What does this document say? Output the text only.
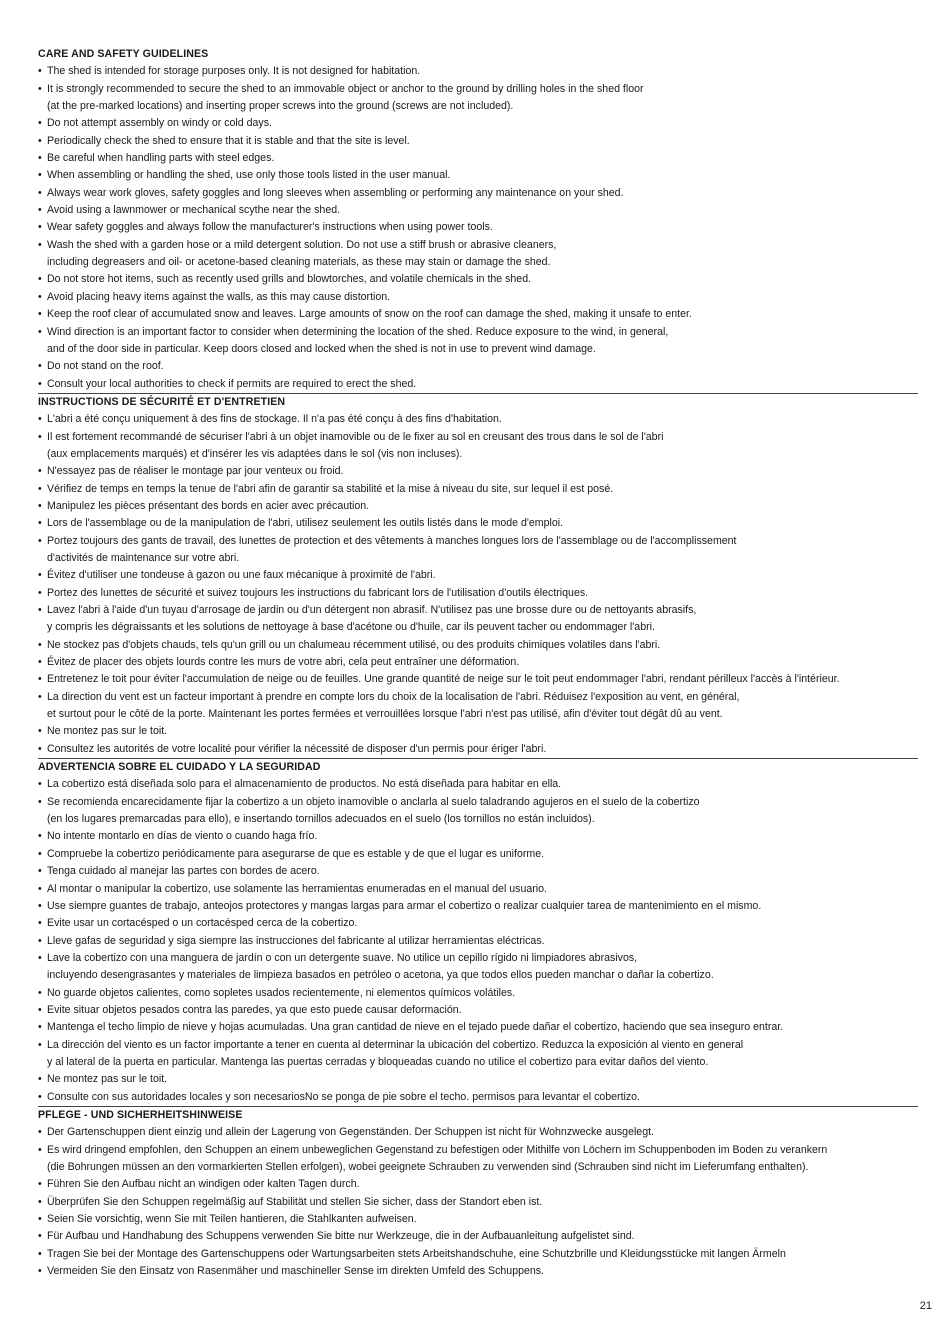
CARE AND SAFETY GUIDELINES
• The shed is intended for storage purposes only. It is not designed for habitation.
• It is strongly recommended to secure the shed to an immovable object or anchor to the ground by drilling holes in the shed floor
(at the pre-marked locations) and inserting proper screws into the ground (screws are not included).
• Do not attempt assembly on windy or cold days.
• Periodically check the shed to ensure that it is stable and that the site is level.
• Be careful when handling parts with steel edges.
• When assembling or handling the shed, use only those tools listed in the user manual.
• Always wear work gloves, safety goggles and long sleeves when assembling or performing any maintenance on your shed.
• Avoid using a lawnmower or mechanical scythe near the shed.
• Wear safety goggles and always follow the manufacturer's instructions when using power tools.
• Wash the shed with a garden hose or a mild detergent solution. Do not use a stiff brush or abrasive cleaners,
including degreasers and oil- or acetone-based cleaning materials, as these may stain or damage the shed.
• Do not store hot items, such as recently used grills and blowtorches, and volatile chemicals in the shed.
• Avoid placing heavy items against the walls, as this may cause distortion.
• Keep the roof clear of accumulated snow and leaves. Large amounts of snow on the roof can damage the shed, making it unsafe to enter.
• Wind direction is an important factor to consider when determining the location of the shed. Reduce exposure to the wind, in general,
and of the door side in particular. Keep doors closed and locked when the shed is not in use to prevent wind damage.
• Do not stand on the roof.
• Consult your local authorities to check if permits are required to erect the shed.
INSTRUCTIONS DE SÉCURITÉ ET D'ENTRETIEN
• L'abri a été conçu uniquement à des fins de stockage. Il n'a pas été conçu à des fins d'habitation.
• Il est fortement recommandé de sécuriser l'abri à un objet inamovible ou de le fixer au sol en creusant des trous dans le sol de l'abri
(aux emplacements marqués) et d'insérer les vis adaptées dans le sol (vis non incluses).
• N'essayez pas de réaliser le montage par jour venteux ou froid.
• Vérifiez de temps en temps la tenue de l'abri afin de garantir sa stabilité et la mise à niveau du site, sur lequel il est posé.
• Manipulez les pièces présentant des bords en acier avec précaution.
• Lors de l'assemblage ou de la manipulation de l'abri, utilisez seulement les outils listés dans le mode d'emploi.
• Portez toujours des gants de travail, des lunettes de protection et des vêtements à manches longues lors de l'assemblage ou de l'accomplissement
d'activités de maintenance sur votre abri.
• Évitez d'utiliser une tondeuse à gazon ou une faux mécanique à proximité de l'abri.
• Portez des lunettes de sécurité et suivez toujours les instructions du fabricant lors de l'utilisation d'outils électriques.
• Lavez l'abri à l'aide d'un tuyau d'arrosage de jardin ou d'un détergent non abrasif. N'utilisez pas une brosse dure ou de nettoyants abrasifs,
y compris les dégraissants et les solutions de nettoyage à base d'acétone ou d'huile, car ils peuvent tacher ou endommager l'abri.
• Ne stockez pas d'objets chauds, tels qu'un grill ou un chalumeau récemment utilisé, ou des produits chimiques volatiles dans l'abri.
• Évitez de placer des objets lourds contre les murs de votre abri, cela peut entraîner une déformation.
• Entretenez le toit pour éviter l'accumulation de neige ou de feuilles. Une grande quantité de neige sur le toit peut endommager l'abri, rendant périlleux l'accès à l'intérieur.
• La direction du vent est un facteur important à prendre en compte lors du choix de la localisation de l'abri. Réduisez l'exposition au vent, en général,
et surtout pour le côté de la porte. Maintenant les portes fermées et verrouillées lorsque l'abri n'est pas utilisé, afin d'éviter tout dégât dû au vent.
• Ne montez pas sur le toit.
• Consultez les autorités de votre localité pour vérifier la nécessité de disposer d'un permis pour ériger l'abri.
ADVERTENCIA SOBRE EL CUIDADO Y LA SEGURIDAD
• La cobertizo está diseñada solo para el almacenamiento de productos. No está diseñada para habitar en ella.
• Se recomienda encarecidamente fijar la cobertizo a un objeto inamovible o anclarla al suelo taladrando agujeros en el suelo de la cobertizo
(en los lugares premarcadas para ello), e insertando tornillos adecuados en el suelo (los tornillos no están incluidos).
• No intente montarlo en días de viento o cuando haga frío.
• Compruebe la cobertizo periódicamente para asegurarse de que es estable y de que el lugar es uniforme.
• Tenga cuidado al manejar las partes con bordes de acero.
• Al montar o manipular la cobertizo, use solamente las herramientas enumeradas en el manual del usuario.
• Use siempre guantes de trabajo, anteojos protectores y mangas largas para armar el cobertizo o realizar cualquier tarea de mantenimiento en el mismo.
• Evite usar un cortacésped o un cortacésped cerca de la cobertizo.
• Lleve gafas de seguridad y siga siempre las instrucciones del fabricante al utilizar herramientas eléctricas.
• Lave la cobertizo con una manguera de jardín o con un detergente suave. No utilice un cepillo rígido ni limpiadores abrasivos,
incluyendo desengrasantes y materiales de limpieza basados en petróleo o acetona, ya que todos ellos pueden manchar o dañar la cobertizo.
• No guarde objetos calientes, como sopletes usados recientemente, ni elementos químicos volátiles.
• Evite situar objetos pesados contra las paredes, ya que esto puede causar deformación.
• Mantenga el techo limpio de nieve y hojas acumuladas. Una gran cantidad de nieve en el tejado puede dañar el cobertizo, haciendo que sea inseguro entrar.
• La dirección del viento es un factor importante a tener en cuenta al determinar la ubicación del cobertizo. Reduzca la exposición al viento en general
y al lateral de la puerta en particular. Mantenga las puertas cerradas y bloqueadas cuando no utilice el cobertizo para evitar daños del viento.
• Ne montez pas sur le toit.
• Consulte con sus autoridades locales y son necesariosNo se ponga de pie sobre el techo. permisos para levantar el cobertizo.
PFLEGE - UND SICHERHEITSHINWEISE
• Der Gartenschuppen dient einzig und allein der Lagerung von Gegenständen. Der Schuppen ist nicht für Wohnzwecke ausgelegt.
• Es wird dringend empfohlen, den Schuppen an einem unbeweglichen Gegenstand zu befestigen oder Mithilfe von Löchern im Schuppenboden im Boden zu verankern
(die Bohrungen müssen an den vormarkierten Stellen erfolgen), wobei geeignete Schrauben zu verwenden sind (Schrauben sind nicht im Lieferumfang enthalten).
• Führen Sie den Aufbau nicht an windigen oder kalten Tagen durch.
• Überprüfen Sie den Schuppen regelmäßig auf Stabilität und stellen Sie sicher, dass der Standort eben ist.
• Seien Sie vorsichtig, wenn Sie mit Teilen hantieren, die Stahlkanten aufweisen.
• Für Aufbau und Handhabung des Schuppens verwenden Sie bitte nur Werkzeuge, die in der Aufbauanleitung aufgelistet sind.
• Tragen Sie bei der Montage des Gartenschuppens oder Wartungsarbeiten stets Arbeitshandschuhe, eine Schutzbrille und Kleidungsstücke mit langen Ärmeln
• Vermeiden Sie den Einsatz von Rasenmäher und maschineller Sense im direkten Umfeld des Schuppens.
21
